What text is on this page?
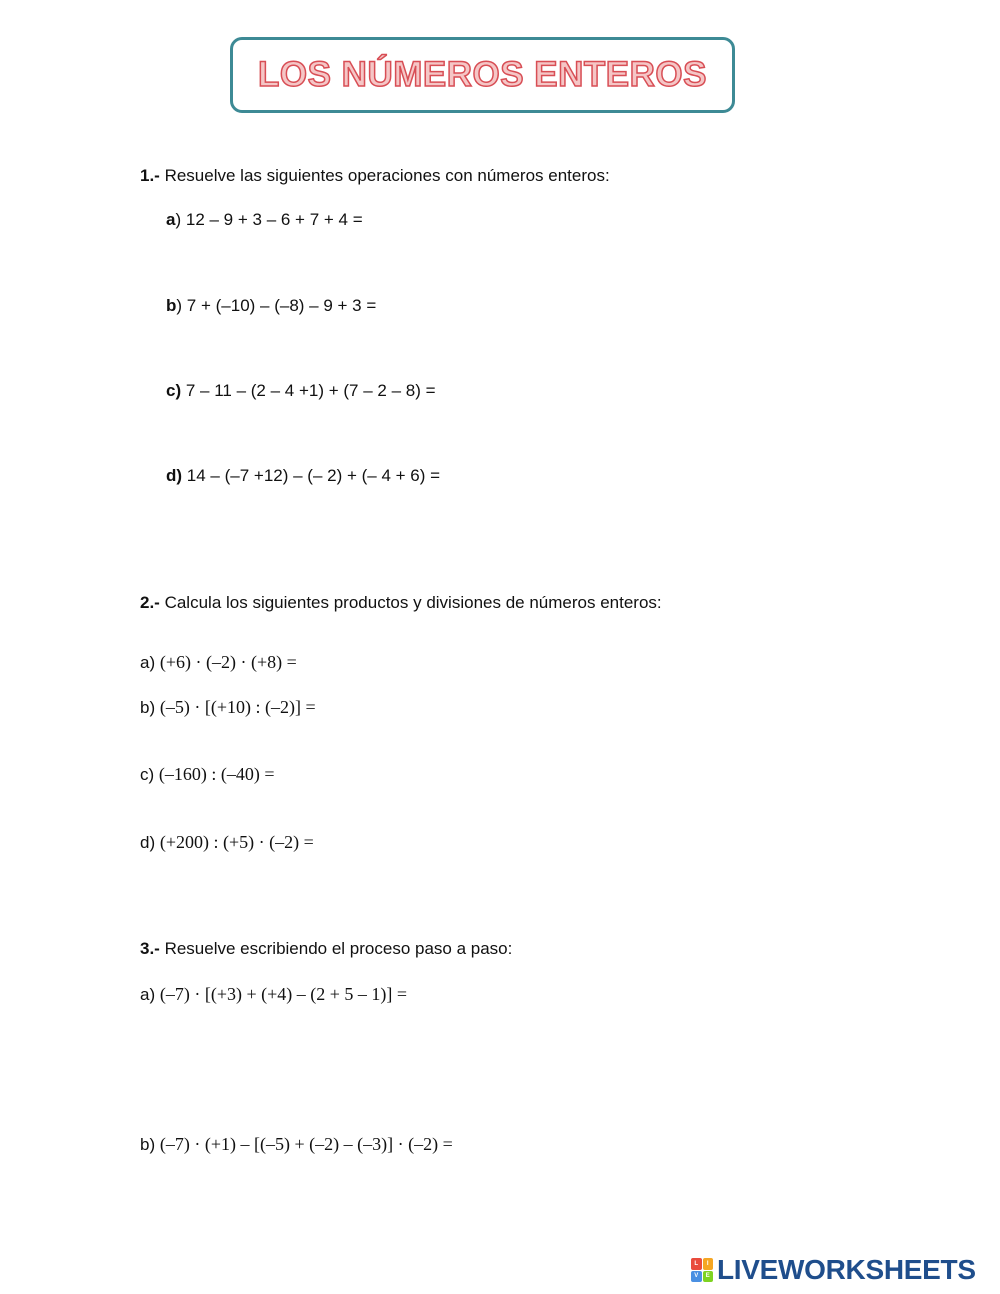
LOS NÚMEROS ENTEROS
1.- Resuelve las siguientes operaciones con números enteros:
a) 12 – 9 + 3 – 6 + 7 + 4 =
b) 7 + (–10) – (–8) – 9 + 3 =
c) 7 – 11 – (2 – 4 +1) + (7 – 2 – 8) =
d) 14 – (–7 +12) – (– 2) + (– 4 + 6) =
2.- Calcula los siguientes productos y divisiones de números enteros:
a) (+6) · (–2) · (+8) =
b) (–5) · [(+10) : (–2)] =
c) (–160) : (–40) =
d) (+200) : (+5) · (–2) =
3.- Resuelve escribiendo el proceso paso a paso:
a) (–7) · [(+3) + (+4) – (2 + 5 – 1)] =
b) (–7) · (+1) – [(–5) + (–2) – (–3)] · (–2) =
L	I
V	E LIVEWORKSHEETS
